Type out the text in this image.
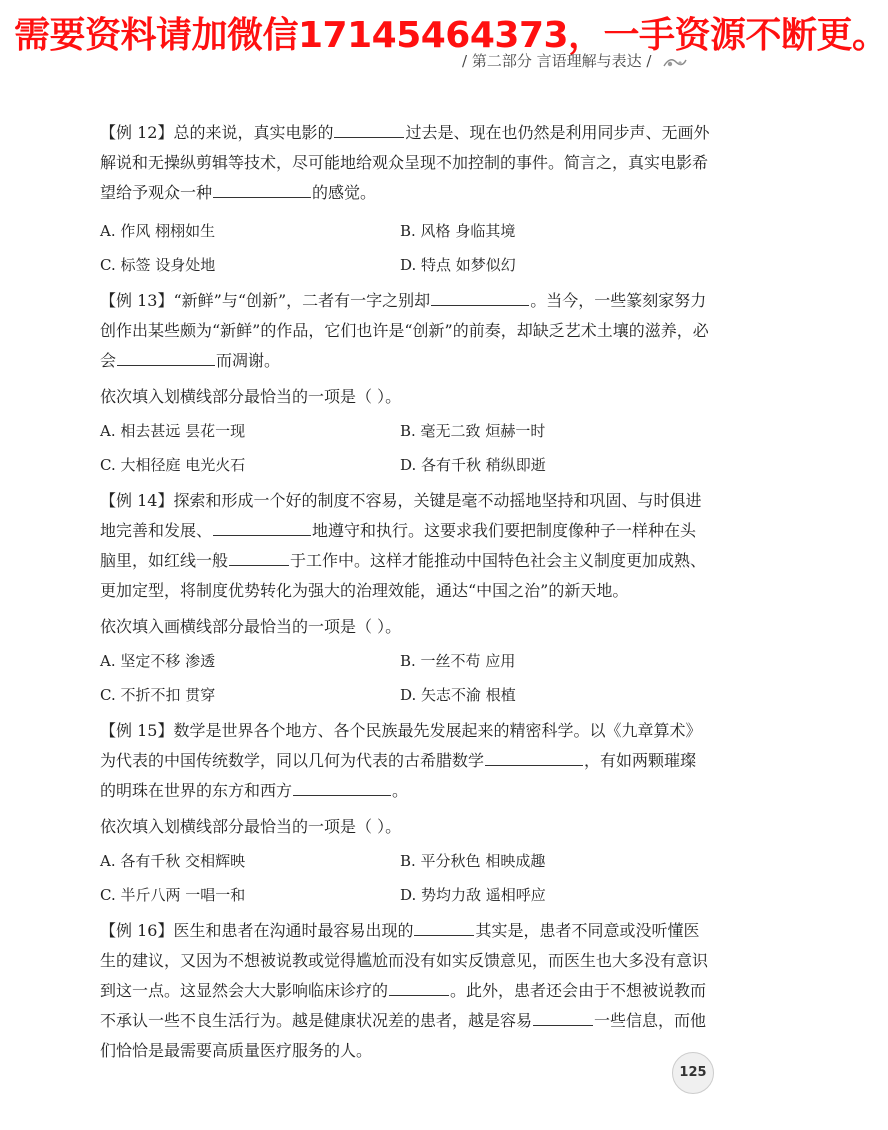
需要资料请加微信17145464373，一手资源不断更。
/ 第二部分 言语理解与表达 /

【例 12】总的来说，真实电影的	过去是、现在也仍然是利用同步声、无画外解说和无操纵剪辑等技术，尽可能地给观众呈现不加控制的事件。简言之，真实电影希望给予观众一种	的感觉。

A. 作风 栩栩如生	B. 风格 身临其境
C. 标签 设身处地	D. 特点 如梦似幻

【例 13】“新鲜”与“创新”，二者有一字之别却	。当今，一些篆刻家努力创作出某些颇为“新鲜”的作品，它们也许是“创新”的前奏，却缺乏艺术土壤的滋养，必会	而凋谢。

依次填入划横线部分最恰当的一项是（ ）。

A. 相去甚远 昙花一现	B. 毫无二致 烜赫一时
C. 大相径庭 电光火石	D. 各有千秋 稍纵即逝

【例 14】探索和形成一个好的制度不容易，关键是毫不动摇地坚持和巩固、与时俱进地完善和发展、	地遵守和执行。这要求我们要把制度像种子一样种在头脑里，如红线一般	于工作中。这样才能推动中国特色社会主义制度更加成熟、更加定型，将制度优势转化为强大的治理效能，通达“中国之治”的新天地。

依次填入画横线部分最恰当的一项是（ ）。

A. 坚定不移 渗透	B. 一丝不苟 应用
C. 不折不扣 贯穿	D. 矢志不渝 根植

【例 15】数学是世界各个地方、各个民族最先发展起来的精密科学。以《九章算术》为代表的中国传统数学，同以几何为代表的古希腊数学	，有如两颗璀璨的明珠在世界的东方和西方	。

依次填入划横线部分最恰当的一项是（ ）。

A. 各有千秋 交相辉映	B. 平分秋色 相映成趣
C. 半斤八两 一唱一和	D. 势均力敌 遥相呼应

【例 16】医生和患者在沟通时最容易出现的	其实是，患者不同意或没听懂医生的建议，又因为不想被说教或觉得尴尬而没有如实反馈意见，而医生也大多没有意识到这一点。这显然会大大影响临床诊疗的	。此外，患者还会由于不想被说教而不承认一些不良生活行为。越是健康状况差的患者，越是容易	一些信息，而他们恰恰是最需要高质量医疗服务的人。

125
